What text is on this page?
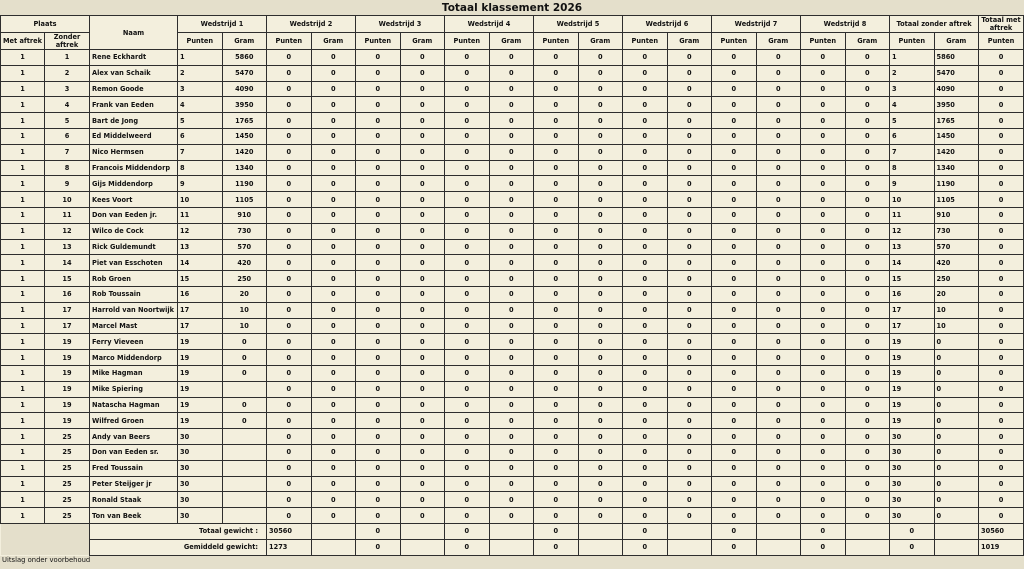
Totaal klassement 2026
Plaats		Naam	Wedstrijd 1		Wedstrijd 2		Wedstrijd 3		Wedstrijd 4		Wedstrijd 5		Wedstrijd 6		Wedstrijd 7		Wedstrijd 8		Totaal zonder aftrek		Totaal met aftrek	
Met aftrek	Zonder aftrek		Punten	Gram	Punten	Gram	Punten	Gram	Punten	Gram	Punten	Gram	Punten	Gram	Punten	Gram	Punten	Gram	Punten	Gram	Punten	
1	1	Rene Eckhardt	1	5860	0	0	0	0	0	0	0	0	0	0	0	0	0	0	1	5860	0	
1	2	Alex van Schaik	2	5470	0	0	0	0	0	0	0	0	0	0	0	0	0	0	2	5470	0	
1	3	Remon Goode	3	4090	0	0	0	0	0	0	0	0	0	0	0	0	0	0	3	4090	0	
1	4	Frank van Eeden	4	3950	0	0	0	0	0	0	0	0	0	0	0	0	0	0	4	3950	0	
1	5	Bart de Jong	5	1765	0	0	0	0	0	0	0	0	0	0	0	0	0	0	5	1765	0	
1	6	Ed Middelweerd	6	1450	0	0	0	0	0	0	0	0	0	0	0	0	0	0	6	1450	0	
1	7	Nico Hermsen	7	1420	0	0	0	0	0	0	0	0	0	0	0	0	0	0	7	1420	0	
1	8	Francois Middendorp	8	1340	0	0	0	0	0	0	0	0	0	0	0	0	0	0	8	1340	0	
1	9	Gijs Middendorp	9	1190	0	0	0	0	0	0	0	0	0	0	0	0	0	0	9	1190	0	
1	10	Kees Voort	10	1105	0	0	0	0	0	0	0	0	0	0	0	0	0	0	10	1105	0	
1	11	Don van Eeden jr.	11	910	0	0	0	0	0	0	0	0	0	0	0	0	0	0	11	910	0	
1	12	Wilco de Cock	12	730	0	0	0	0	0	0	0	0	0	0	0	0	0	0	12	730	0	
1	13	Rick Guldemundt	13	570	0	0	0	0	0	0	0	0	0	0	0	0	0	0	13	570	0	
1	14	Piet van Esschoten	14	420	0	0	0	0	0	0	0	0	0	0	0	0	0	0	14	420	0	
1	15	Rob Groen	15	250	0	0	0	0	0	0	0	0	0	0	0	0	0	0	15	250	0	
1	16	Rob Toussain	16	20	0	0	0	0	0	0	0	0	0	0	0	0	0	0	16	20	0	
1	17	Harrold van Noortwijk	17	10	0	0	0	0	0	0	0	0	0	0	0	0	0	0	17	10	0	
1	17	Marcel Mast	17	10	0	0	0	0	0	0	0	0	0	0	0	0	0	0	17	10	0	
1	19	Ferry Vieveen	19	0	0	0	0	0	0	0	0	0	0	0	0	0	0	0	19	0	0	
1	19	Marco Middendorp	19	0	0	0	0	0	0	0	0	0	0	0	0	0	0	0	19	0	0	
1	19	Mike Hagman	19	0	0	0	0	0	0	0	0	0	0	0	0	0	0	0	19	0	0	
1	19	Mike Spiering	19		0	0	0	0	0	0	0	0	0	0	0	0	0	0	19	0	0	
1	19	Natascha Hagman	19	0	0	0	0	0	0	0	0	0	0	0	0	0	0	0	19	0	0	
1	19	Wilfred Groen	19	0	0	0	0	0	0	0	0	0	0	0	0	0	0	0	19	0	0	
1	25	Andy van Beers	30		0	0	0	0	0	0	0	0	0	0	0	0	0	0	30	0	0	
1	25	Don van Eeden sr.	30		0	0	0	0	0	0	0	0	0	0	0	0	0	0	30	0	0	
1	25	Fred Toussain	30		0	0	0	0	0	0	0	0	0	0	0	0	0	0	30	0	0	
1	25	Peter Steijger jr	30		0	0	0	0	0	0	0	0	0	0	0	0	0	0	30	0	0	
1	25	Ronald Staak	30		0	0	0	0	0	0	0	0	0	0	0	0	0	0	30	0	0	
1	25	Ton van Beek	30		0	0	0	0	0	0	0	0	0	0	0	0	0	0	30	0	0	
		Totaal gewicht :			30560		0		0		0		0		0		0		0		30560	
		Gemiddeld gewicht:			1273		0		0		0		0		0		0		0		1019	
Uitslag onder voorbehoud
